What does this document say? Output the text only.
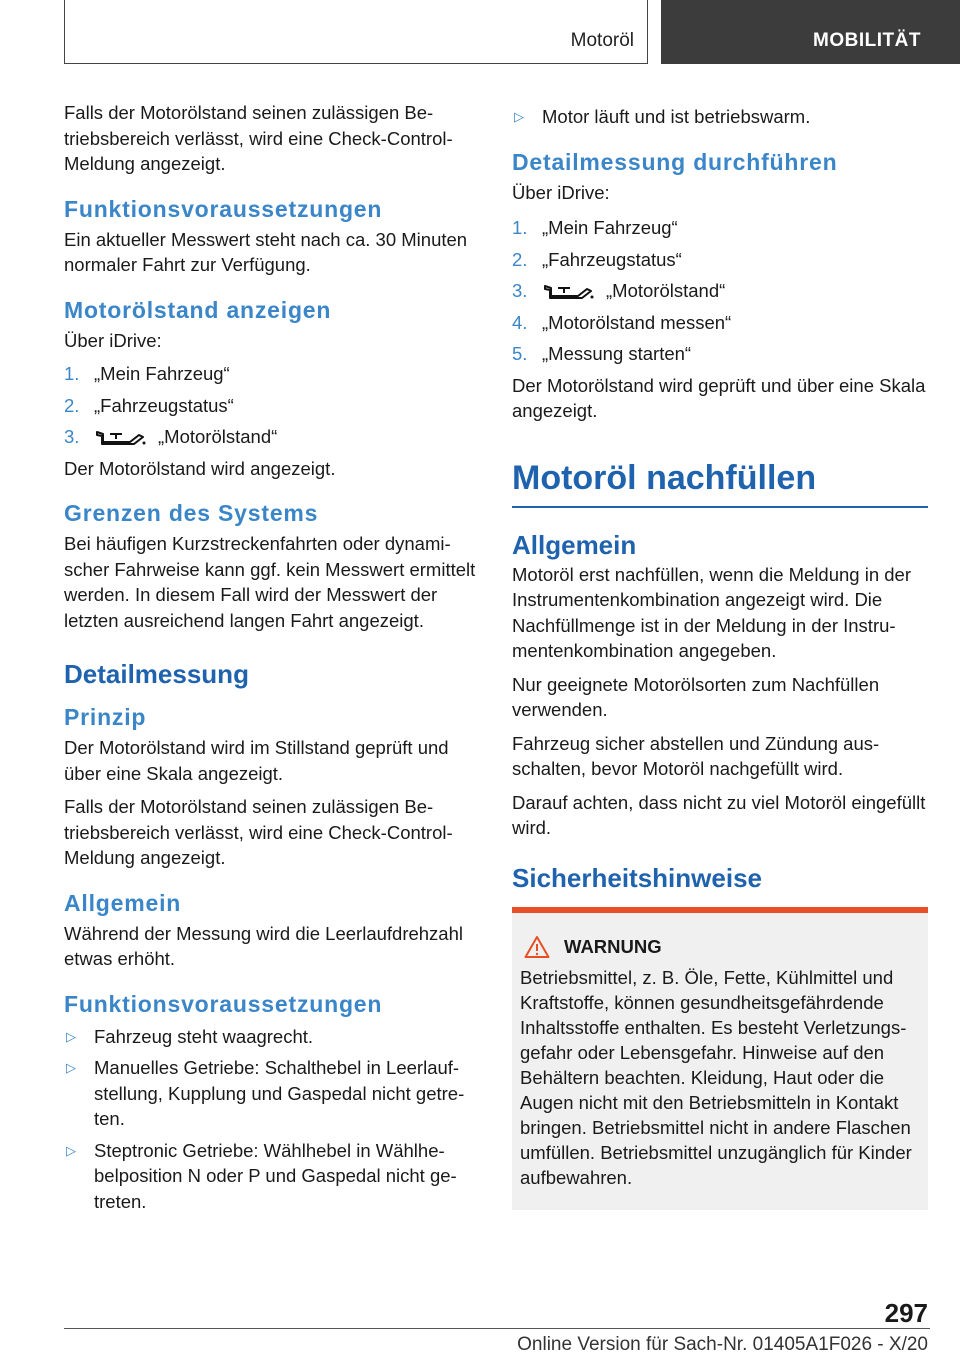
Motoröl	MOBILITÄT

Falls der Motorölstand seinen zulässigen Betriebsbereich verlässt, wird eine Check-Control-Meldung angezeigt.

Funktionsvoraussetzungen

Ein aktueller Messwert steht nach ca. 30 Minuten normaler Fahrt zur Verfügung.

Motorölstand anzeigen

Über iDrive:

1. „Mein Fahrzeug“
2. „Fahrzeugstatus“
3.	„Motorölstand“

Der Motorölstand wird angezeigt.

Grenzen des Systems

Bei häufigen Kurzstreckenfahrten oder dynamischer Fahrweise kann ggf. kein Messwert ermittelt werden. In diesem Fall wird der Messwert der letzten ausreichend langen Fahrt angezeigt.

Detailmessung
Prinzip

Der Motorölstand wird im Stillstand geprüft und über eine Skala angezeigt.

Falls der Motorölstand seinen zulässigen Betriebsbereich verlässt, wird eine Check-Control-Meldung angezeigt.

Allgemein

Während der Messung wird die Leerlaufdrehzahl etwas erhöht.

Funktionsvoraussetzungen
▷ Fahrzeug steht waagrecht.
▷ Manuelles Getriebe: Schalthebel in Leerlaufstellung, Kupplung und Gaspedal nicht getreten.
▷ Steptronic Getriebe: Wählhebel in Wählhebelposition N oder P und Gaspedal nicht getreten.
▷ Motor läuft und ist betriebswarm.
Detailmessung durchführen

Über iDrive:

1. „Mein Fahrzeug“
2. „Fahrzeugstatus“
3.	„Motorölstand“
4. „Motorölstand messen“
5. „Messung starten“

Der Motorölstand wird geprüft und über eine Skala angezeigt.

Motoröl nachfüllen
Allgemein

Motoröl erst nachfüllen, wenn die Meldung in der Instrumentenkombination angezeigt wird. Die Nachfüllmenge ist in der Meldung in der Instrumentenkombination angegeben.

Nur geeignete Motorölsorten zum Nachfüllen verwenden.

Fahrzeug sicher abstellen und Zündung ausschalten, bevor Motoröl nachgefüllt wird.

Darauf achten, dass nicht zu viel Motoröl eingefüllt wird.

Sicherheitshinweise
WARNUNG

Betriebsmittel, z. B. Öle, Fette, Kühlmittel und Kraftstoffe, können gesundheitsgefährdende Inhaltsstoffe enthalten. Es besteht Verletzungsgefahr oder Lebensgefahr. Hinweise auf den Behältern beachten. Kleidung, Haut oder die Augen nicht mit den Betriebsmitteln in Kontakt bringen. Betriebsmittel nicht in andere Flaschen umfüllen. Betriebsmittel unzugänglich für Kinder aufbewahren.

297
Online Version für Sach-Nr. 01405A1F026 - X/20
